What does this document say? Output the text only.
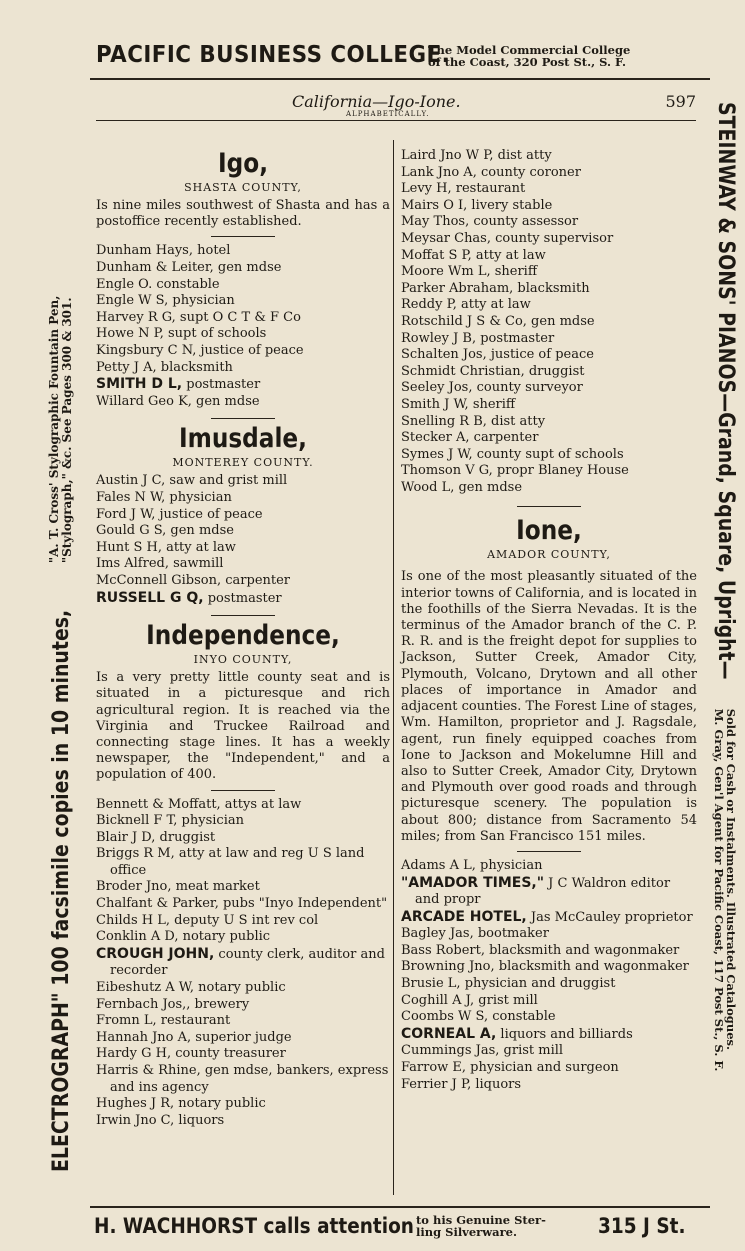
PACIFIC BUSINESS COLLEGE.
The Model Commercial College
of the Coast, 320 Post St., S. F.
ELECTROGRAPH" 100 facsimile copies in 10 minutes,
"A. T. Cross' Stylographic Fountain Pen, "Stylograph," &c. See Pages 300 & 301.	STEINWAY & SONS' PIANOS—Grand, Square, Upright—
Sold for Cash or Instalments. Illustrated Catalogues.
M. Gray, Gen'l Agent for Pacific Coast, 117 Post St., S. F.
California—Igo-Ione.	597
ALPHABETICALLY.
Igo,
SHASTA COUNTY,
Is nine miles southwest of Shasta and has a postoffice recently established.
Dunham Hays, hotel
Dunham & Leiter, gen mdse
Engle O. constable
Engle W S, physician
Harvey R G, supt O C T & F Co
Howe N P, supt of schools
Kingsbury C N, justice of peace
Petty J A, blacksmith
SMITH D L, postmaster
Willard Geo K, gen mdse
Imusdale,
MONTEREY COUNTY.
Austin J C, saw and grist mill
Fales N W, physician
Ford J W, justice of peace
Gould G S, gen mdse
Hunt S H, atty at law
Ims Alfred, sawmill
McConnell Gibson, carpenter
RUSSELL G Q, postmaster
Independence,
INYO COUNTY,
Is a very pretty little county seat and is situated in a picturesque and rich agricultural region. It is reached via the Virginia and Truckee Railroad and connecting stage lines. It has a weekly newspaper, the "Independent," and a population of 400.
Bennett & Moffatt, attys at law
Bicknell F T, physician
Blair J D, druggist
Briggs R M, atty at law and reg U S land office
Broder Jno, meat market
Chalfant & Parker, pubs "Inyo Independent"
Childs H L, deputy U S int rev col
Conklin A D, notary public
CROUGH JOHN, county clerk, auditor and recorder
Eibeshutz A W, notary public
Fernbach Jos,, brewery
Fromn L, restaurant
Hannah Jno A, superior judge
Hardy G H, county treasurer
Harris & Rhine, gen mdse, bankers, express and ins agency
Hughes J R, notary public
Irwin Jno C, liquors
Laird Jno W P, dist atty
Lank Jno A, county coroner
Levy H, restaurant
Mairs O I, livery stable
May Thos, county assessor
Meysar Chas, county supervisor
Moffat S P, atty at law
Moore Wm L, sheriff
Parker Abraham, blacksmith
Reddy P, atty at law
Rotschild J S & Co, gen mdse
Rowley J B, postmaster
Schalten Jos, justice of peace
Schmidt Christian, druggist
Seeley Jos, county surveyor
Smith J W, sheriff
Snelling R B, dist atty
Stecker A, carpenter
Symes J W, county supt of schools
Thomson V G, propr Blaney House
Wood L, gen mdse
Ione,
AMADOR COUNTY,
Is one of the most pleasantly situated of the interior towns of California, and is located in the foothills of the Sierra Nevadas. It is the terminus of the Amador branch of the C. P. R. R. and is the freight depot for supplies to Jackson, Sutter Creek, Amador City, Plymouth, Volcano, Drytown and all other places of importance in Amador and adjacent counties. The Forest Line of stages, Wm. Hamilton, proprietor and J. Ragsdale, agent, run finely equipped coaches from Ione to Jackson and Mokelumne Hill and also to Sutter Creek, Amador City, Drytown and Plymouth over good roads and through picturesque scenery. The population is about 800; distance from Sacramento 54 miles; from San Francisco 151 miles.
Adams A L, physician
"AMADOR TIMES," J C Waldron editor and propr
ARCADE HOTEL, Jas McCauley proprietor
Bagley Jas, bootmaker
Bass Robert, blacksmith and wagonmaker
Browning Jno, blacksmith and wagonmaker
Brusie L, physician and druggist
Coghill A J, grist mill
Coombs W S, constable
CORNEAL A, liquors and billiards
Cummings Jas, grist mill
Farrow E, physician and surgeon
Ferrier J P, liquors
H. WACHHORST calls attention to his Genuine Ster-
ling Silverware.	315 J St.
